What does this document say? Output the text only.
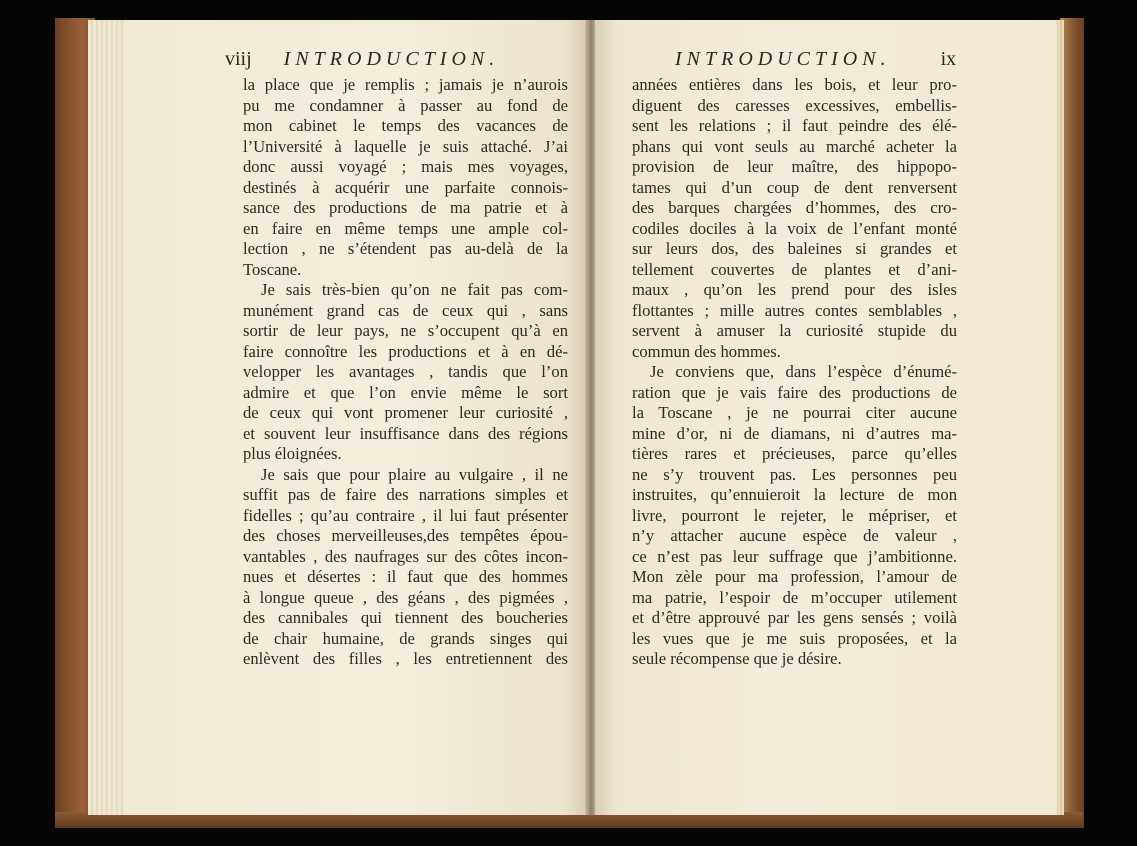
viij INTRODUCTION.
la place que je remplis ; jamais je n’aurois
pu me condamner à passer au fond de
mon cabinet le temps des vacances de
l’Université à laquelle je suis attaché. J’ai
donc aussi voyagé ; mais mes voyages,
destinés à acquérir une parfaite connois-
sance des productions de ma patrie et à
en faire en même temps une ample col-
lection , ne s’étendent pas au-delà de la
Toscane.
Je sais très-bien qu’on ne fait pas com-
munément grand cas de ceux qui , sans
sortir de leur pays, ne s’occupent qu’à en
faire connoître les productions et à en dé-
velopper les avantages , tandis que l’on
admire et que l’on envie même le sort
de ceux qui vont promener leur curiosité ,
et souvent leur insuffisance dans des régions
plus éloignées.
Je sais que pour plaire au vulgaire , il ne
suffit pas de faire des narrations simples et
fidelles ; qu’au contraire , il lui faut présenter
des choses merveilleuses,des tempêtes épou-
vantables , des naufrages sur des côtes incon-
nues et désertes : il faut que des hommes
à longue queue , des géans , des pigmées ,
des cannibales qui tiennent des boucheries
de chair humaine, de grands singes qui
enlèvent des filles , les entretiennent des
INTRODUCTION.	ix
années entières dans les bois, et leur pro-
diguent des caresses excessives, embellis-
sent les relations ; il faut peindre des élé-
phans qui vont seuls au marché acheter la
provision de leur maître, des hippopo-
tames qui d’un coup de dent renversent
des barques chargées d’hommes, des cro-
codiles dociles à la voix de l’enfant monté
sur leurs dos, des baleines si grandes et
tellement couvertes de plantes et d’ani-
maux , qu’on les prend pour des isles
flottantes ; mille autres contes semblables ,
servent à amuser la curiosité stupide du
commun des hommes.
Je conviens que, dans l’espèce d’énumé-
ration que je vais faire des productions de
la Toscane , je ne pourrai citer aucune
mine d’or, ni de diamans, ni d’autres ma-
tières rares et précieuses, parce qu’elles
ne s’y trouvent pas. Les personnes peu
instruites, qu’ennuieroit la lecture de mon
livre, pourront le rejeter, le mépriser, et
n’y attacher aucune espèce de valeur ,
ce n’est pas leur suffrage que j’ambitionne.
Mon zèle pour ma profession, l’amour de
ma patrie, l’espoir de m’occuper utilement
et d’être approuvé par les gens sensés ; voilà
les vues que je me suis proposées, et la
seule récompense que je désire.
